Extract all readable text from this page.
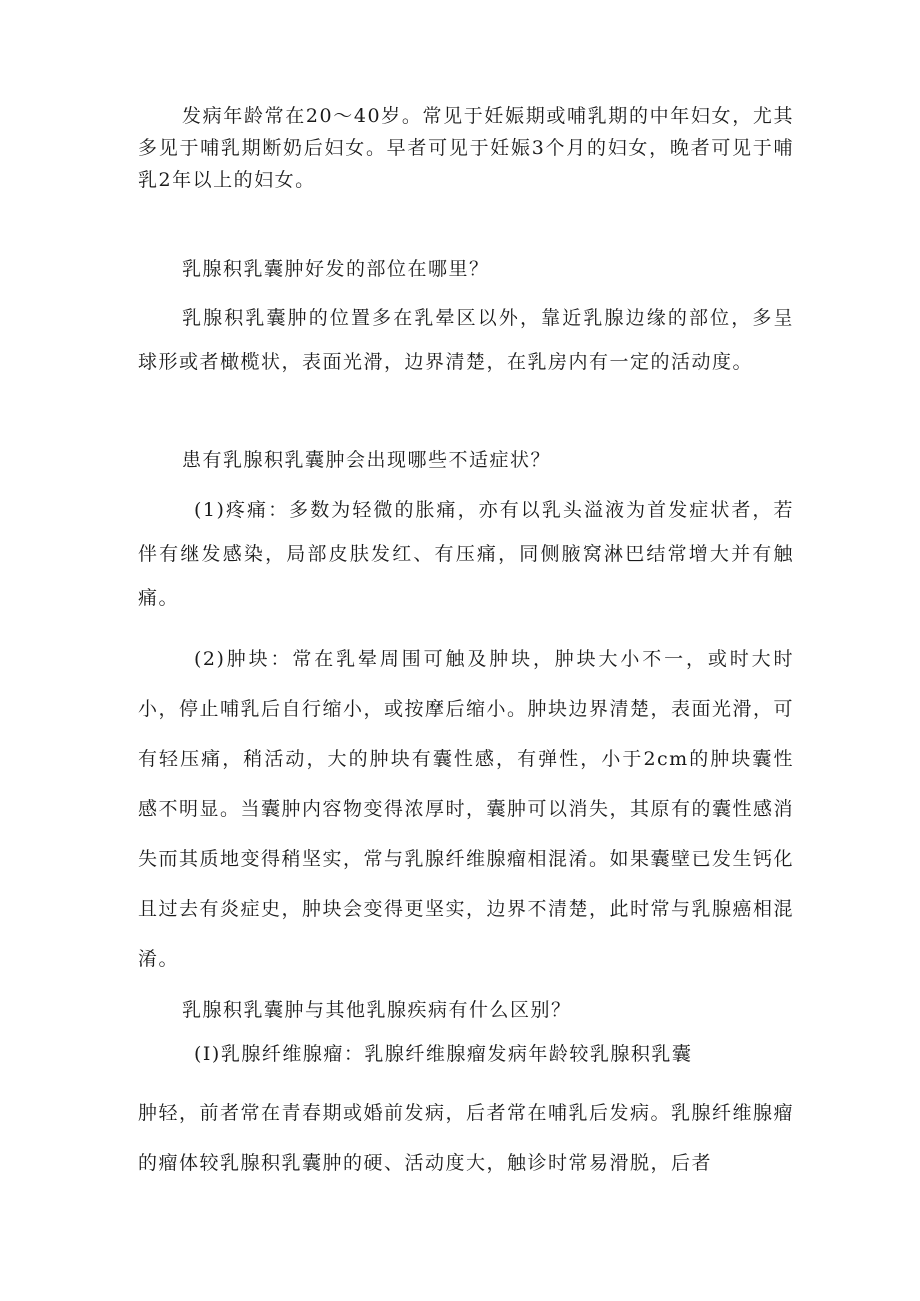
发病年龄常在20～40岁。常见于妊娠期或哺乳期的中年妇女，尤其多见于哺乳期断奶后妇女。早者可见于妊娠3个月的妇女，晚者可见于哺乳2年以上的妇女。

乳腺积乳囊肿好发的部位在哪里？

乳腺积乳囊肿的位置多在乳晕区以外，靠近乳腺边缘的部位，多呈球形或者橄榄状，表面光滑，边界清楚，在乳房内有一定的活动度。

患有乳腺积乳囊肿会出现哪些不适症状？

(1)疼痛：多数为轻微的胀痛，亦有以乳头溢液为首发症状者，若伴有继发感染，局部皮肤发红、有压痛，同侧腋窝淋巴结常增大并有触痛。

(2)肿块：常在乳晕周围可触及肿块，肿块大小不一，或时大时小，停止哺乳后自行缩小，或按摩后缩小。肿块边界清楚，表面光滑，可有轻压痛，稍活动，大的肿块有囊性感，有弹性，小于2cm的肿块囊性感不明显。当囊肿内容物变得浓厚时，囊肿可以消失，其原有的囊性感消失而其质地变得稍坚实，常与乳腺纤维腺瘤相混淆。如果囊壁已发生钙化且过去有炎症史，肿块会变得更坚实，边界不清楚，此时常与乳腺癌相混淆。

乳腺积乳囊肿与其他乳腺疾病有什么区别？

(I)乳腺纤维腺瘤：乳腺纤维腺瘤发病年龄较乳腺积乳囊

肿轻，前者常在青春期或婚前发病，后者常在哺乳后发病。乳腺纤维腺瘤的瘤体较乳腺积乳囊肿的硬、活动度大，触诊时常易滑脱，后者
